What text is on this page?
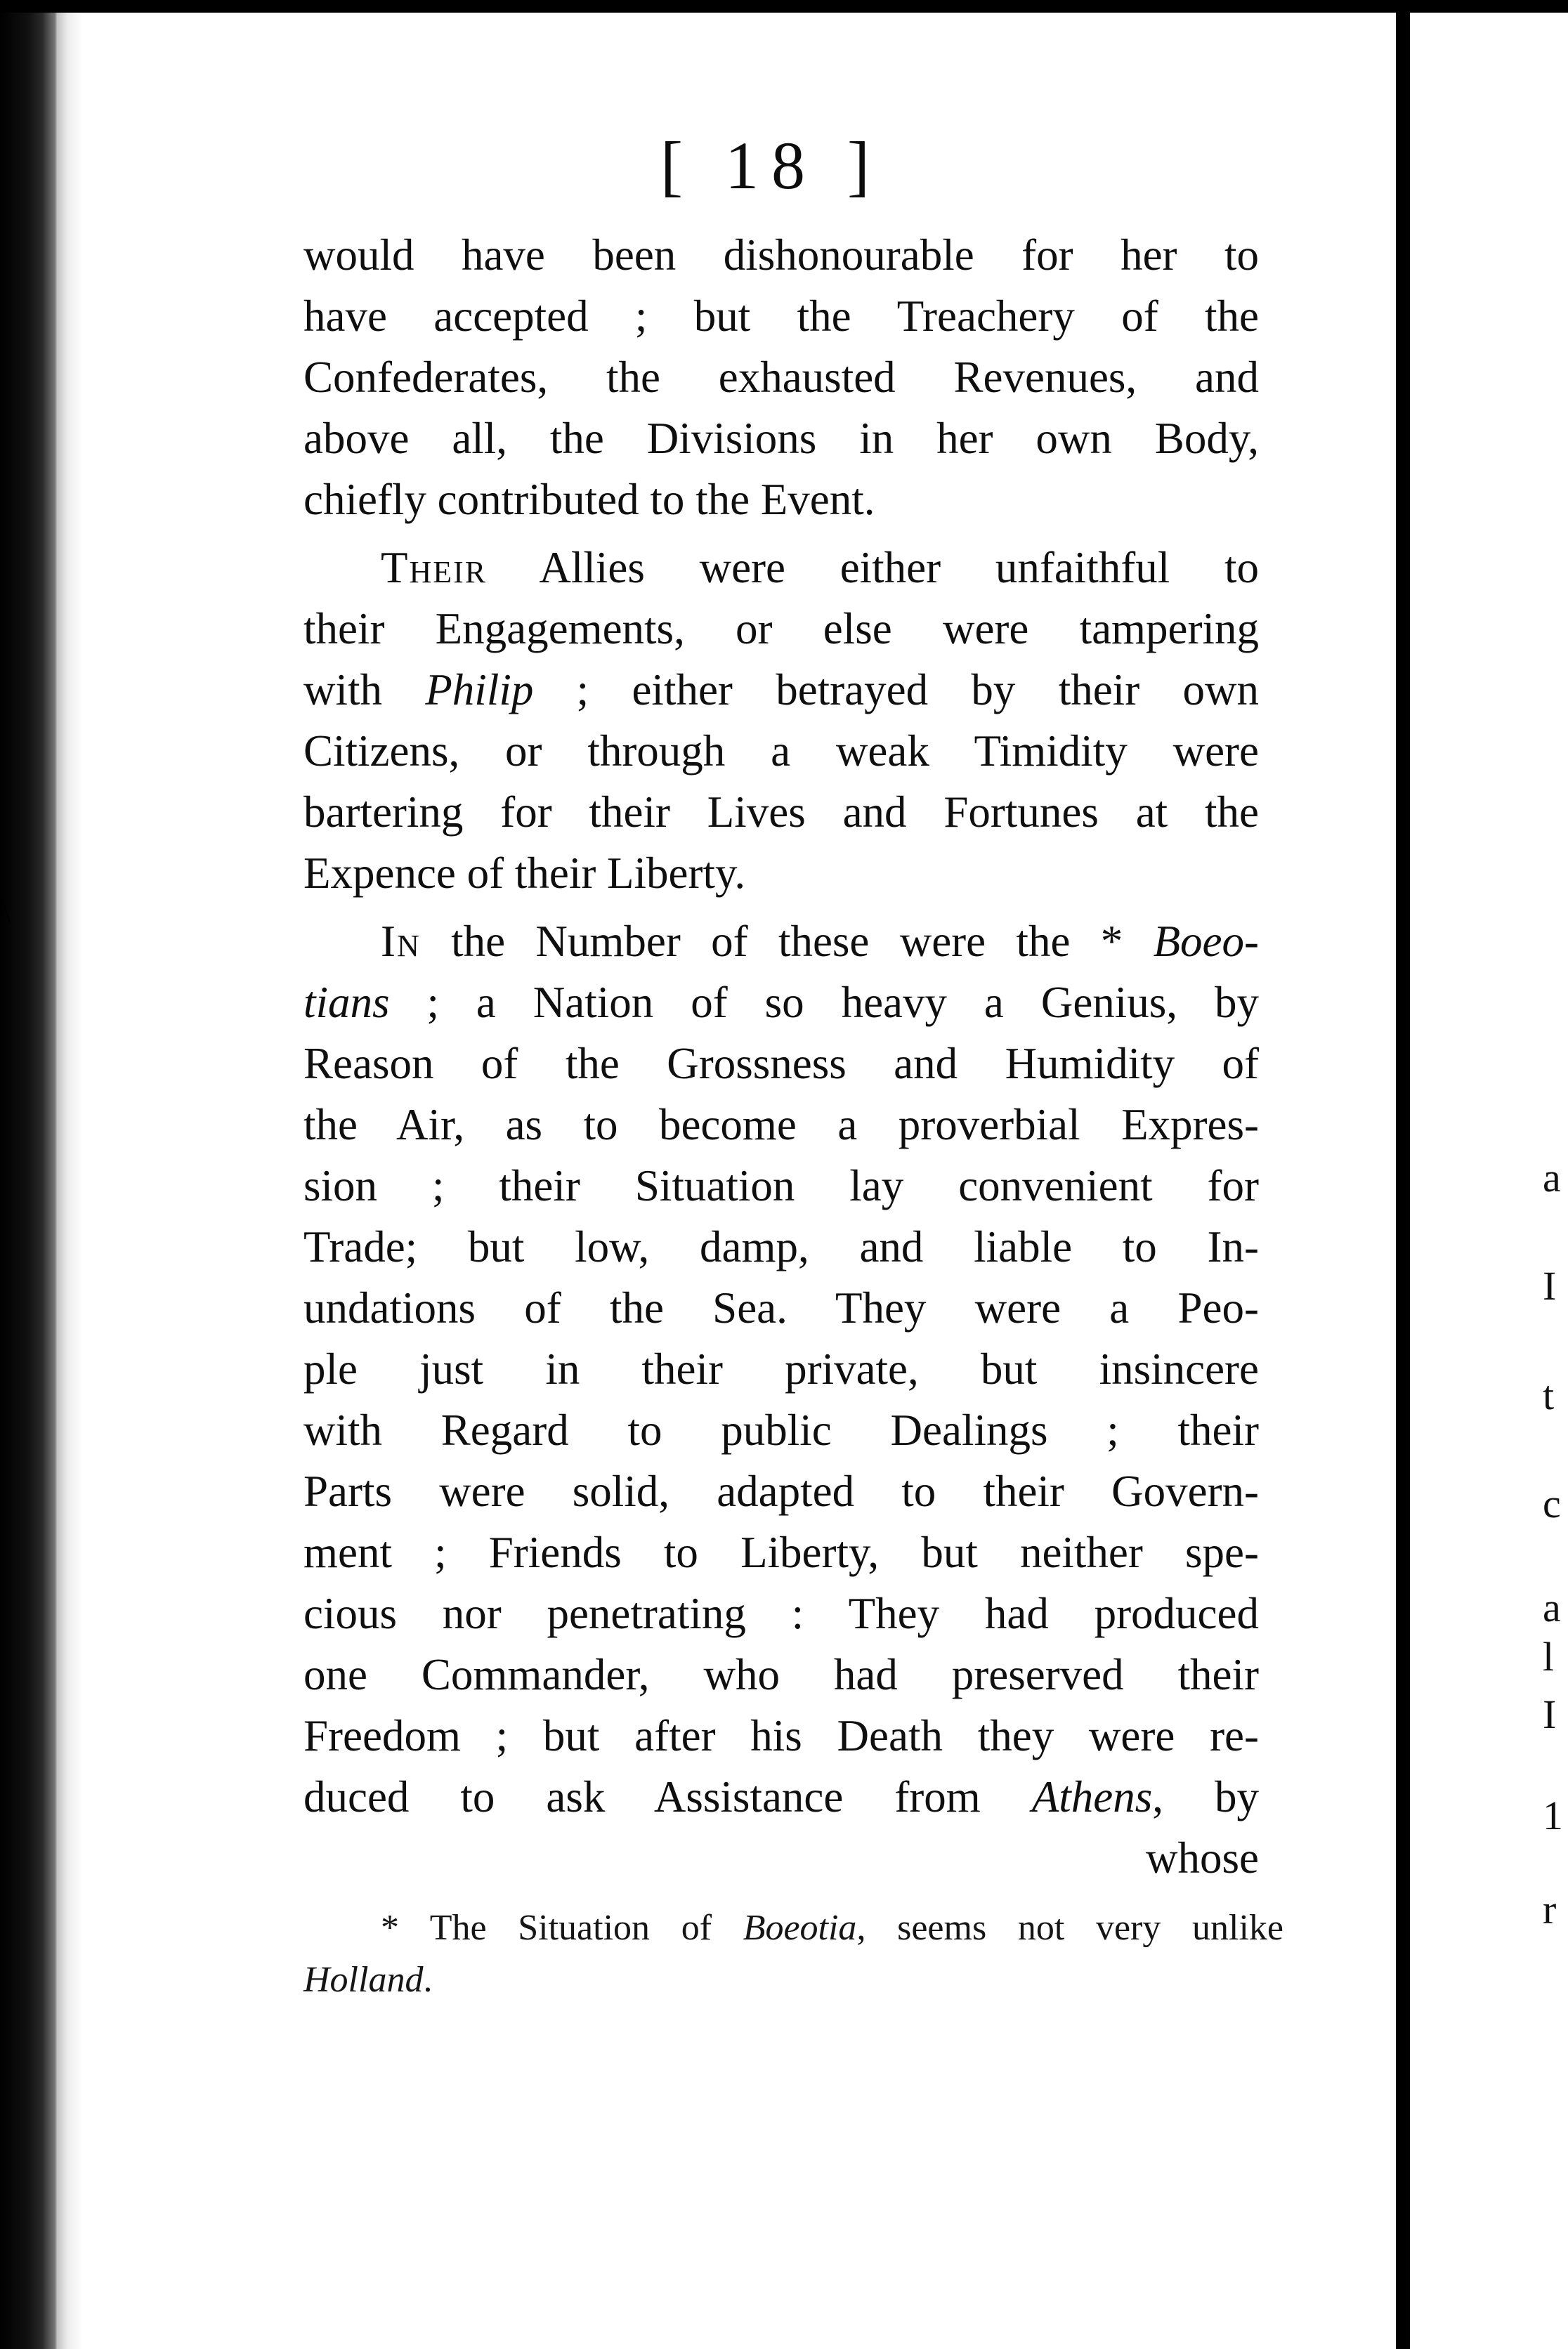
\
[ 18 ]
would have been dishonourable for her to
have accepted ; but the Treachery of the
Confederates, the exhausted Revenues, and
above all, the Divisions in her own Body,
chiefly contributed to the Event.
Their Allies were either unfaithful to
their Engagements, or else were tampering
with Philip ; either betrayed by their own
Citizens, or through a weak Timidity were
bartering for their Lives and Fortunes at the
Expence of their Liberty.
In the Number of these were the * Boeo-
tians ; a Nation of so heavy a Genius, by
Reason of the Grossness and Humidity of
the Air, as to become a proverbial Expres-
sion ; their Situation lay convenient for
Trade; but low, damp, and liable to In-
undations of the Sea. They were a Peo-
ple just in their private, but insincere
with Regard to public Dealings ; their
Parts were solid, adapted to their Govern-
ment ; Friends to Liberty, but neither spe-
cious nor penetrating : They had produced
one Commander, who had preserved their
Freedom ; but after his Death they were re-
duced to ask Assistance from Athens, by
whose
* The Situation of Boeotia, seems not very unlike
Holland.
a
I
t
c
a
l
I
1
r
